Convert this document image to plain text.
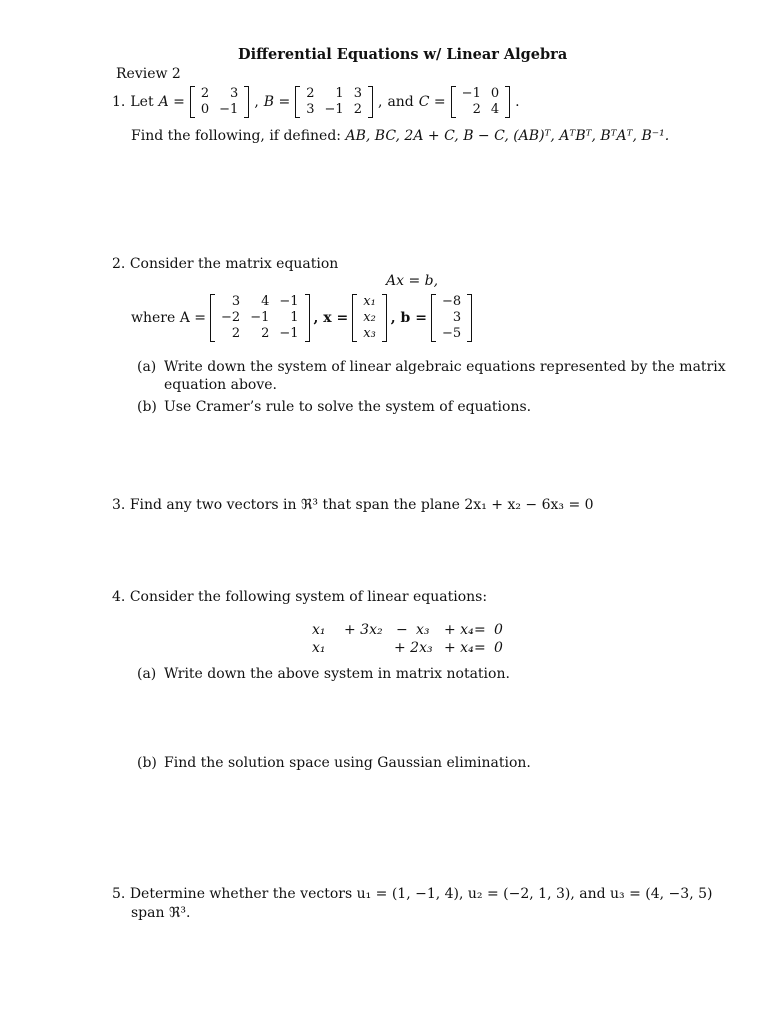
Differential Equations w/ Linear Algebra
Review 2
1. Let A =
2	3
0 −1 , B =
2	1 3
3 −1 2 , and C =
−1 0
2 4 .
Find the following, if defined: AB, BC, 2A + C, B − C, (AB)ᵀ, AᵀBᵀ, BᵀAᵀ, B⁻¹.
2. Consider the matrix equation
Ax = b,
where A =
3	4 −1
−2 −1	1
2	2 −1
, x =
x₁
x₂
x₃
, b =
−8
3
−5
(a) Write down the system of linear algebraic equations represented by the matrix
equation above.
(b) Use Cramer’s rule to solve the system of equations.
3. Find any two vectors in ℜ³ that span the plane 2x₁ + x₂ − 6x₃ = 0
4. Consider the following system of linear equations:
x₁	+ 3x₂ − x₃	+ x₄ = 0
x₁	+ 2x₃ + x₄ = 0
(a) Write down the above system in matrix notation.
(b) Find the solution space using Gaussian elimination.
5. Determine whether the vectors u₁ = (1, −1, 4), u₂ = (−2, 1, 3), and u₃ = (4, −3, 5)
span ℜ³.
